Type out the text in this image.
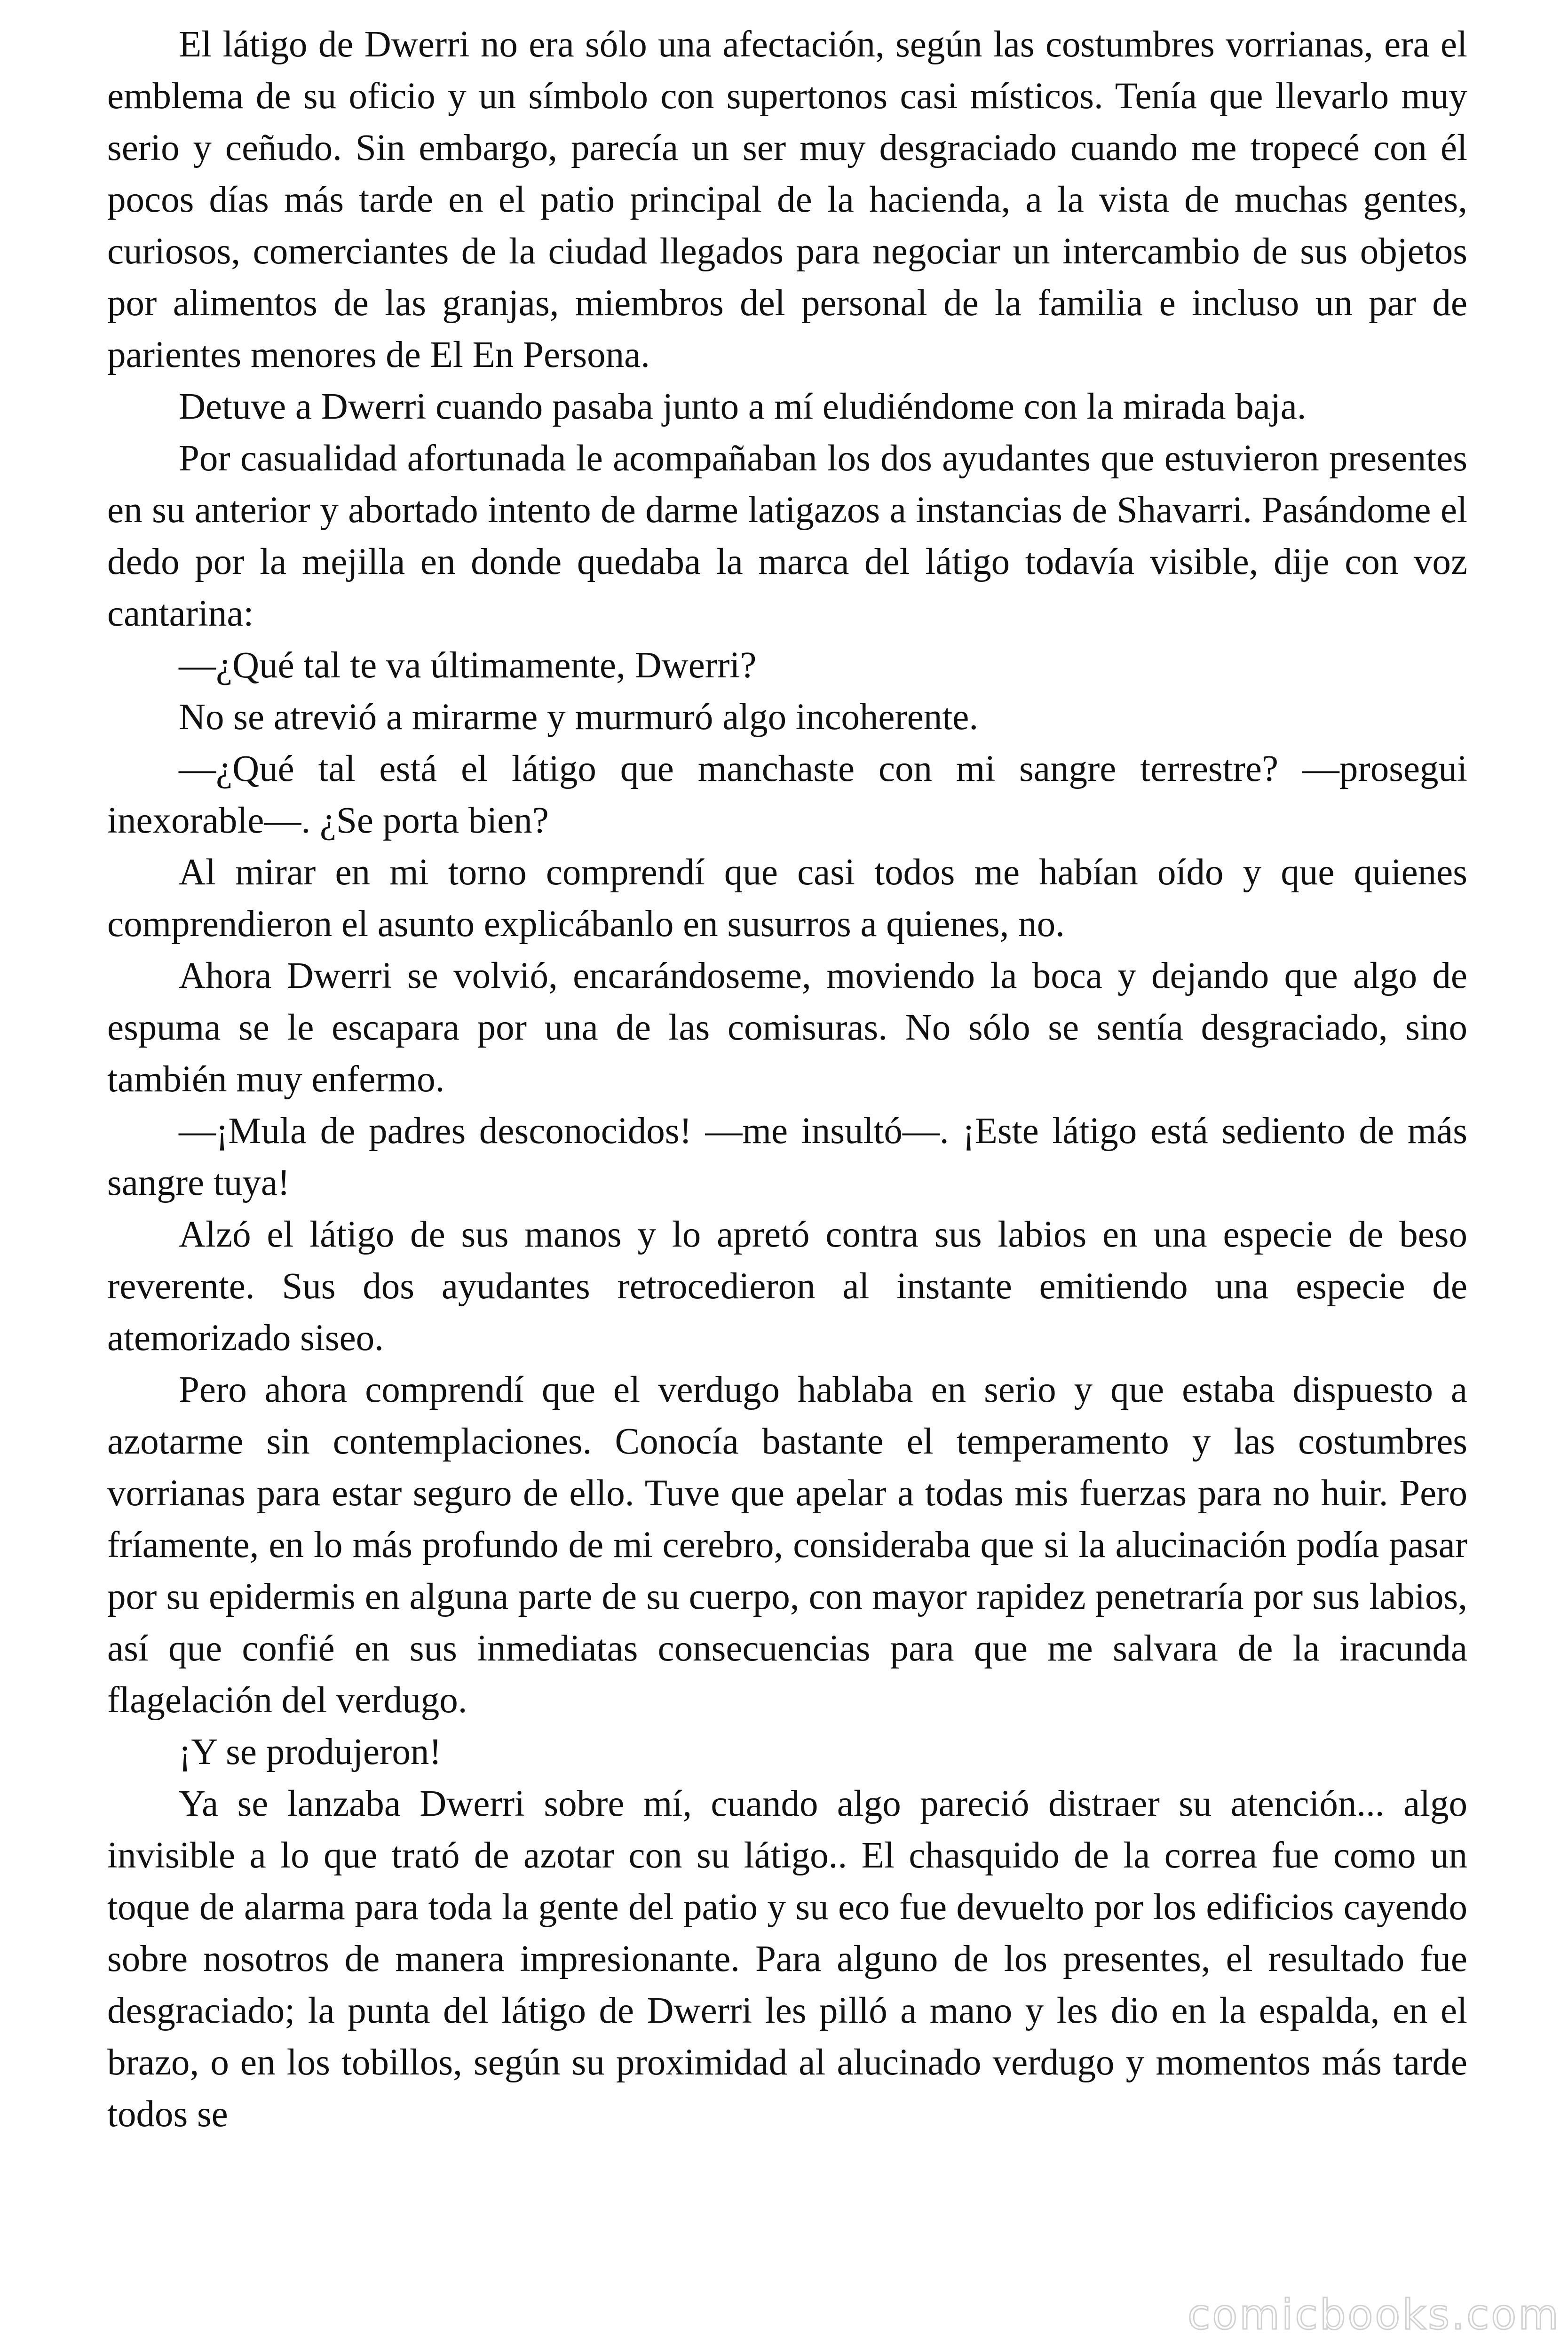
El látigo de Dwerri no era sólo una afectación, según las costumbres vorrianas, era el emblema de su oficio y un símbolo con supertonos casi místicos. Tenía que llevarlo muy serio y ceñudo. Sin embargo, parecía un ser muy desgraciado cuando me tropecé con él pocos días más tarde en el patio principal de la hacienda, a la vista de muchas gentes, curiosos, comerciantes de la ciudad llegados para negociar un intercambio de sus objetos por alimentos de las granjas, miembros del personal de la familia e incluso un par de parientes menores de El En Persona.

Detuve a Dwerri cuando pasaba junto a mí eludiéndome con la mirada baja.

Por casualidad afortunada le acompañaban los dos ayudantes que estuvieron presentes en su anterior y abortado intento de darme latigazos a instancias de Shavarri. Pasándome el dedo por la mejilla en donde quedaba la marca del látigo todavía visible, dije con voz cantarina:

—¿Qué tal te va últimamente, Dwerri?

No se atrevió a mirarme y murmuró algo incoherente.

—¿Qué tal está el látigo que manchaste con mi sangre terrestre? —prosegui inexorable—. ¿Se porta bien?

Al mirar en mi torno comprendí que casi todos me habían oído y que quienes comprendieron el asunto explicábanlo en susurros a quienes, no.

Ahora Dwerri se volvió, encarándoseme, moviendo la boca y dejando que algo de espuma se le escapara por una de las comisuras. No sólo se sentía desgraciado, sino también muy enfermo.

—¡Mula de padres desconocidos! —me insultó—. ¡Este látigo está sediento de más sangre tuya!

Alzó el látigo de sus manos y lo apretó contra sus labios en una especie de beso reverente. Sus dos ayudantes retrocedieron al instante emitiendo una especie de atemorizado siseo.

Pero ahora comprendí que el verdugo hablaba en serio y que estaba dispuesto a azotarme sin contemplaciones. Conocía bastante el temperamento y las costumbres vorrianas para estar seguro de ello. Tuve que apelar a todas mis fuerzas para no huir. Pero fríamente, en lo más profundo de mi cerebro, consideraba que si la alucinación podía pasar por su epidermis en alguna parte de su cuerpo, con mayor rapidez penetraría por sus labios, así que confié en sus inmediatas consecuencias para que me salvara de la iracunda flagelación del verdugo.

¡Y se produjeron!

Ya se lanzaba Dwerri sobre mí, cuando algo pareció distraer su atención... algo invisible a lo que trató de azotar con su látigo.. El chasquido de la correa fue como un toque de alarma para toda la gente del patio y su eco fue devuelto por los edificios cayendo sobre nosotros de manera impresionante. Para alguno de los presentes, el resultado fue desgraciado; la punta del látigo de Dwerri les pilló a mano y les dio en la espalda, en el brazo, o en los tobillos, según su proximidad al alucinado verdugo y momentos más tarde todos se

comicbooks.com
